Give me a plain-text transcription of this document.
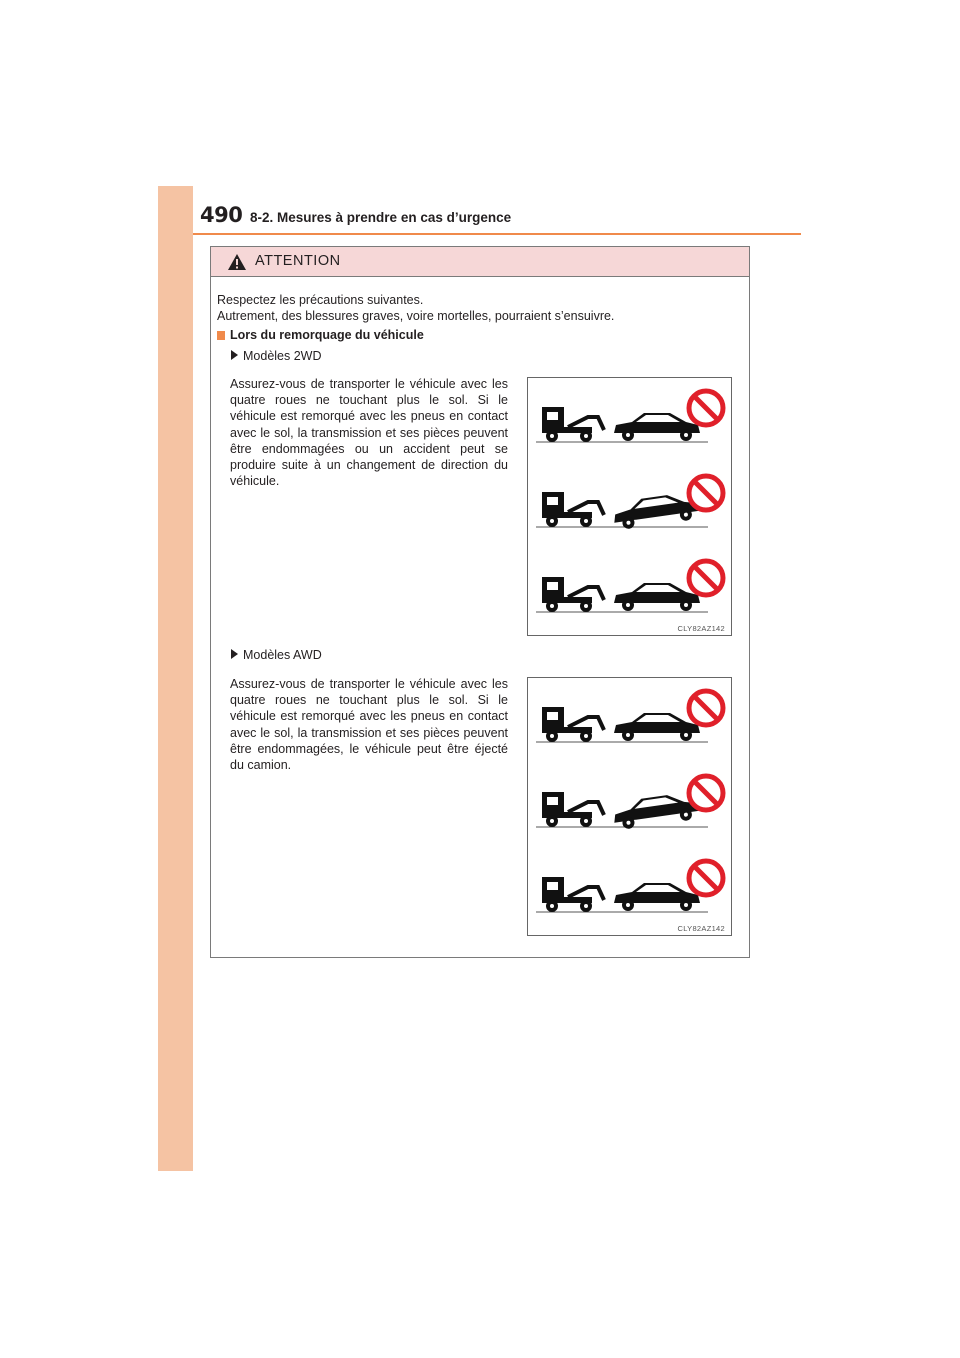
490 8-2. Mesures à prendre en cas d’urgence
ATTENTION
Respectez les précautions suivantes.
Autrement, des blessures graves, voire mortelles, pourraient s’ensuivre.
Lors du remorquage du véhicule
Modèles 2WD
Assurez-vous de transporter le véhicule avec les quatre roues ne touchant plus le sol. Si le véhicule est remorqué avec les pneus en contact avec le sol, la transmission et ses pièces peuvent être endommagées ou un accident peut se produire suite à un changement de direction du véhicule.
CLY82AZ142
Modèles AWD
Assurez-vous de transporter le véhicule avec les quatre roues ne touchant plus le sol. Si le véhicule est remorqué avec les pneus en contact avec le sol, la transmission et ses pièces peuvent être endommagées, le véhicule peut être éjecté du camion.
CLY82AZ142
